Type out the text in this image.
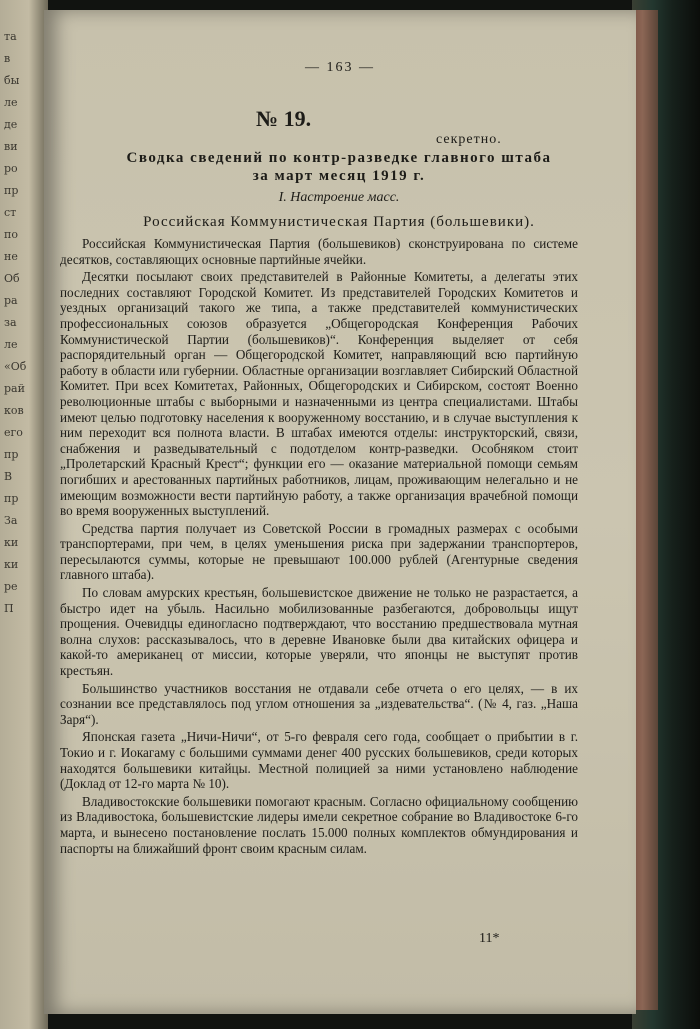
та
в
бы
ле
де
ви
ро
пр
ст
по
не
Об
ра
за
ле
«Об
рай
ков
его
пр
В
пр
За
ки
ки
ре
П
— 163 —
№ 19.
секретно.
Сводка сведений по контр-разведке главного штаба
за март месяц 1919 г.
I. Настроение масс.
Российская Коммунистическая Партия (большевики).

Российская Коммунистическая Партия (большевиков) сконструирована по системе десятков, составляющих основные партийные ячейки.

Десятки посылают своих представителей в Районные Комитеты, а делегаты этих последних составляют Городской Комитет. Из представителей Городских Комитетов и уездных организаций такого же типа, а также представителей коммунистических профессиональных союзов образуется „Общегородская Конференция Рабочих Коммунистической Партии (большевиков)“. Конференция выделяет от себя распорядительный орган — Общегородской Комитет, направляющий всю партийную работу в области или губернии. Областные организации возглавляет Сибирский Областной Комитет. При всех Комитетах, Районных, Общегородских и Сибирском, состоят Военно революционные штабы с выборными и назначенными из центра специалистами. Штабы имеют целью подготовку населения к вооруженному восстанию, и в случае выступления к ним переходит вся полнота власти. В штабах имеются отделы: инструкторский, связи, снабжения и разведывательный с подотделом контр-разведки. Особняком стоит „Пролетарский Красный Крест“; функции его — оказание материальной помощи семьям погибших и арестованных партийных работников, лицам, проживающим нелегально и не имеющим возможности вести партийную работу, а также организация врачебной помощи во время вооруженных выступлений.

Средства партия получает из Советской России в громадных размерах с особыми транспортерами, при чем, в целях уменьшения риска при задержании транспортеров, пересылаются суммы, которые не превышают 100.000 рублей (Агентурные сведения главного штаба).

По словам амурских крестьян, большевистское движение не только не разрастается, а быстро идет на убыль. Насильно мобилизованные разбегаются, добровольцы ищут прощения. Очевидцы единогласно подтверждают, что восстанию предшествовала мутная волна слухов: рассказывалось, что в деревне Ивановке были два китайских офицера и какой-то американец от миссии, которые уверяли, что японцы не выступят против крестьян.

Большинство участников восстания не отдавали себе отчета о его целях, — в их сознании все представлялось под углом отношения за „издевательства“. (№ 4, газ. „Наша Заря“).

Японская газета „Ничи-Ничи“, от 5-го февраля сего года, сообщает о прибытии в г. Токио и г. Иокагаму с большими суммами денег 400 русских большевиков, среди которых находятся большевики китайцы. Местной полицией за ними установлено наблюдение (Доклад от 12-го марта № 10).

Владивостокские большевики помогают красным. Согласно официальному сообщению из Владивостока, большевистские лидеры имели секретное собрание во Владивостоке 6-го марта, и вынесено постановление послать 15.000 полных комплектов обмундирования и паспорты на ближайший фронт своим красным силам.

11*
